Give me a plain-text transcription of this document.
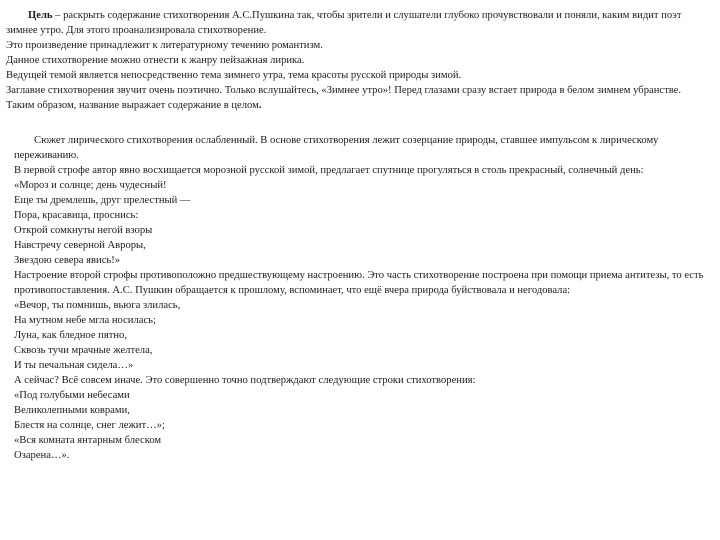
Цель – раскрыть содержание стихотворения А.С.Пушкина так, чтобы зрители и слушатели глубоко прочувствовали и поняли, каким видит поэт зимнее утро. Для этого проанализировала стихотворение.

Это произведение принадлежит к литературному течению романтизм.

Данное стихотворение можно отнести к жанру пейзажная лирика.

Ведущей темой является непосредственно тема зимнего утра, тема красоты русской природы зимой.

Заглавие стихотворения звучит очень поэтично. Только вслушайтесь, «Зимнее утро»! Перед глазами сразу встает природа в белом зимнем убранстве. Таким образом, название выражает содержание в целом.

Сюжет лирического стихотворения ослабленный. В основе стихотворения лежит созерцание природы, ставшее импульсом к лирическому переживанию.

В первой строфе автор явно восхищается морозной русской зимой, предлагает спутнице прогуляться в столь прекрасный, солнечный день:

«Мороз и солнце; день чудесный!

Еще ты дремлешь, друг прелестный —

Пора, красавица, проснись:

Открой сомкнуты негой взоры

Навстречу северной Авроры,

Звездою севера явись!»

Настроение второй строфы противоположно предшествующему настроению. Это часть стихотворение построена при помощи приема антитезы, то есть противопоставления. А.С. Пушкин обращается к прошлому, вспоминает, что ещё вчера природа буйствовала и негодовала:

«Вечор, ты помнишь, вьюга злилась,

На мутном небе мгла носилась;

Луна, как бледное пятно,

Сквозь тучи мрачные желтела,

И ты печальная сидела…»

А сейчас? Всё совсем иначе. Это совершенно точно подтверждают следующие строки стихотворения:

«Под голубыми небесами

Великолепными коврами,

Блестя на солнце, снег лежит…»;

«Вся комната янтарным блеском

Озарена…».
